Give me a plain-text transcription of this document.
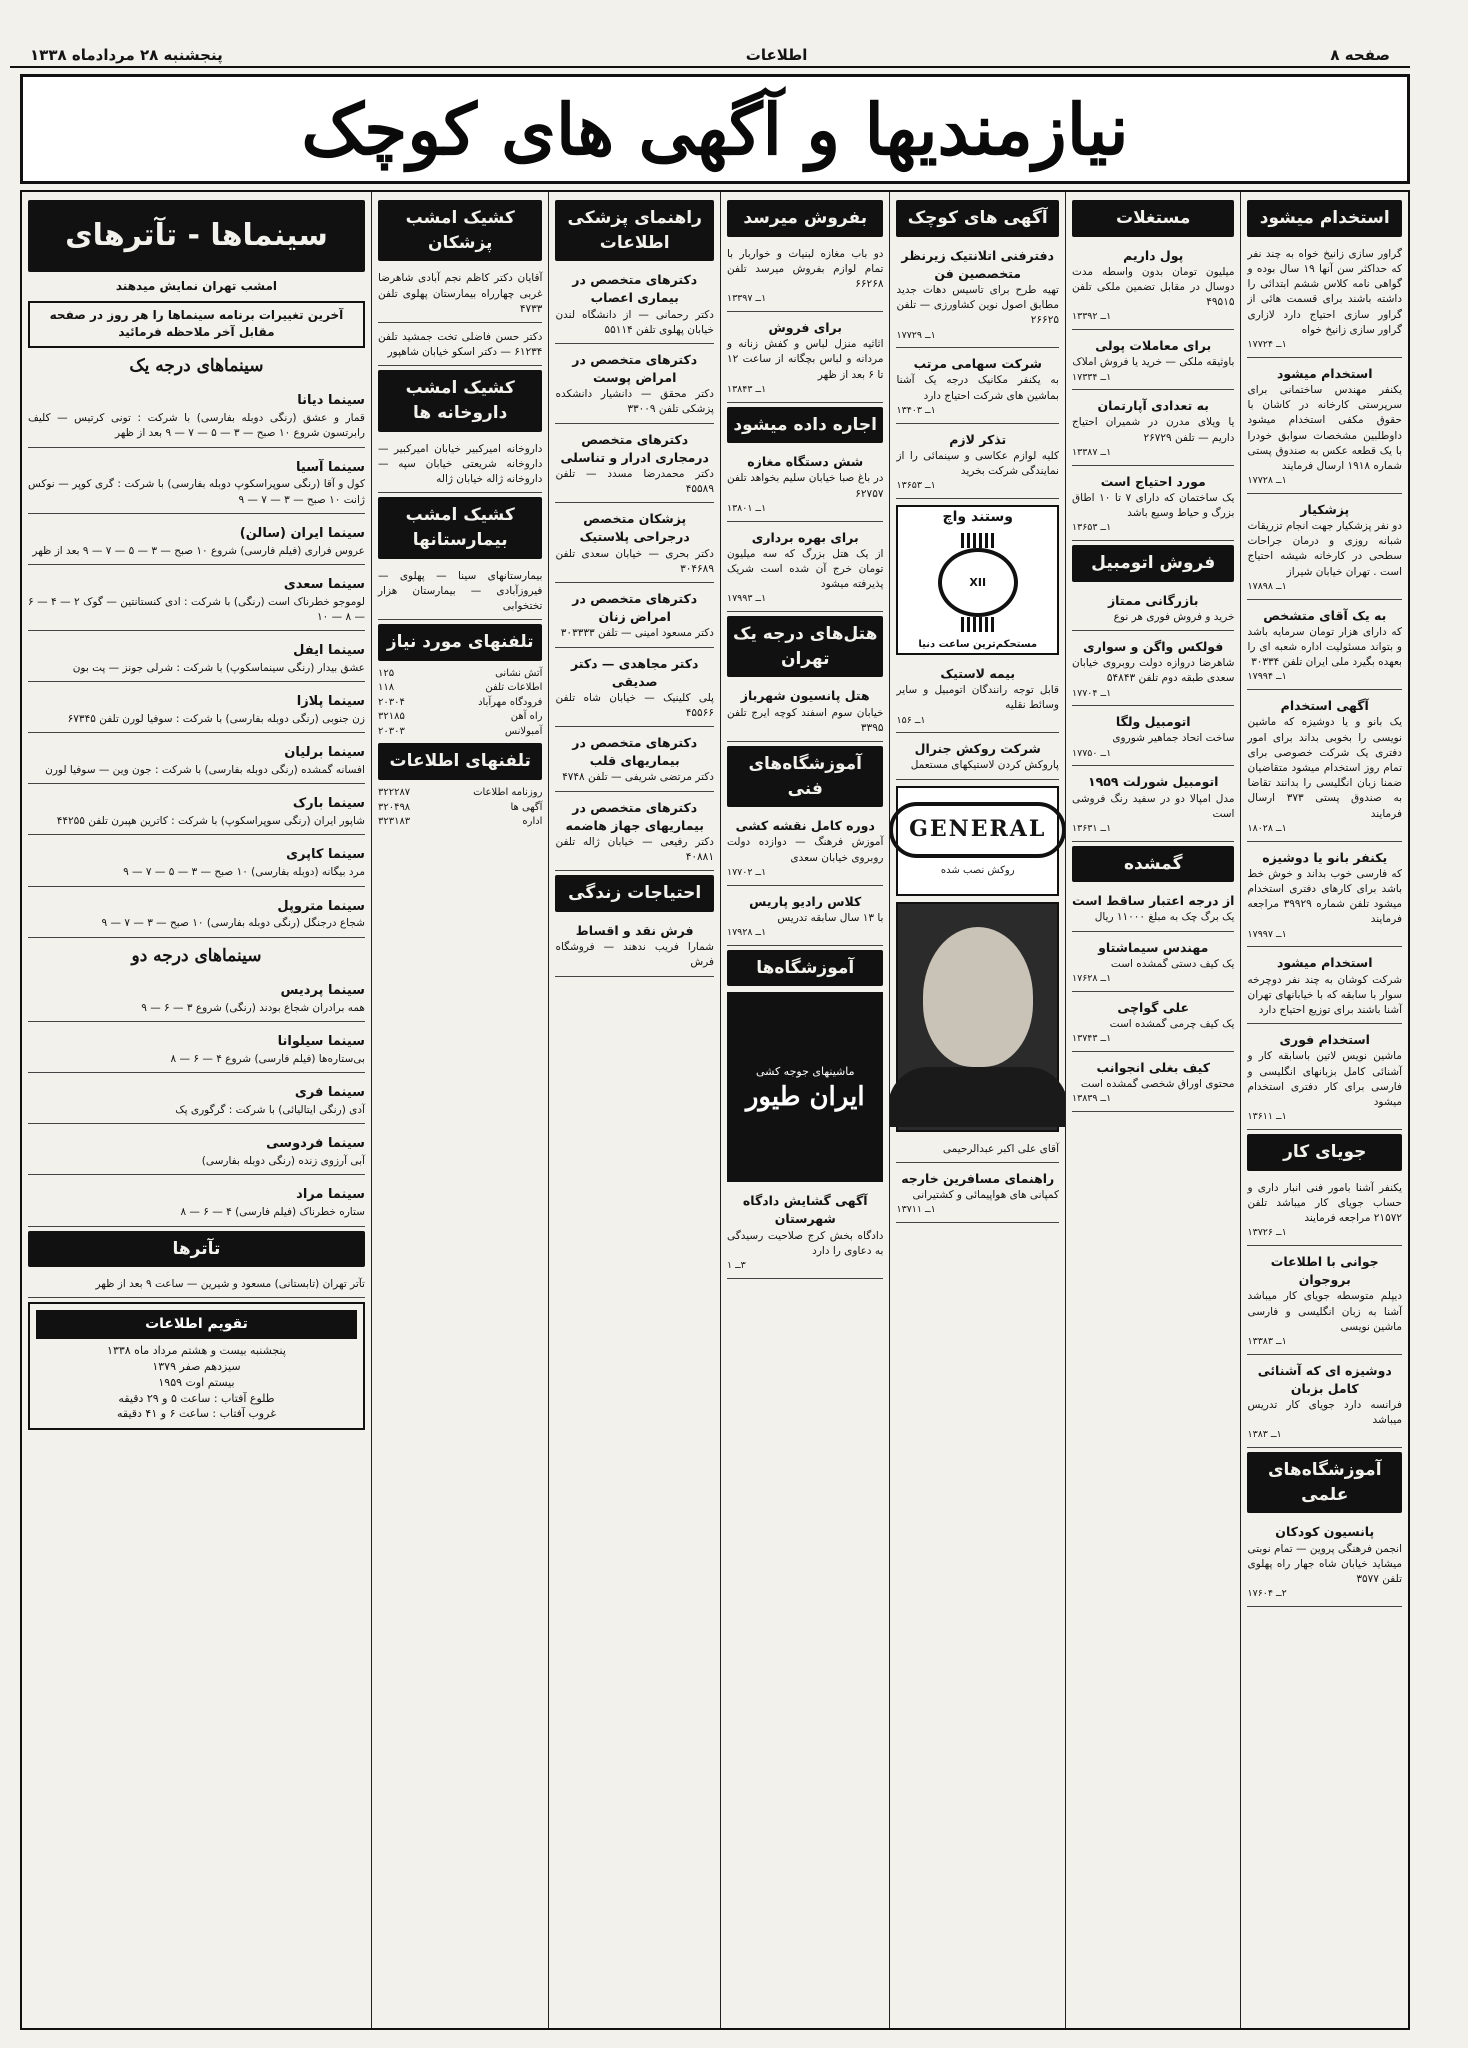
صفحه ۸
اطلاعات
پنجشنبه ۲۸ مردادماه ۱۳۳۸
نیازمندیها و آگهی های کوچک
استخدام میشود
گراور سازی زانیخ خواه به چند نفر که حداکثر سن آنها ۱۹ سال بوده و گواهی نامه کلاس ششم ابتدائی را داشته باشند برای قسمت هائی از گراور سازی احتیاج دارد لازاری گراور سازی زانیخ خواه
۱ــ ۱۷۷۲۴
استخدام میشود
یکنفر مهندس ساختمانی برای سرپرستی کارخانه در کاشان با حقوق مکفی استخدام میشود داوطلبین مشخصات سوابق خودرا با یک قطعه عکس به صندوق پستی شماره ۱۹۱۸ ارسال فرمایند
۱ــ ۱۷۷۲۸
پزشکیار
دو نفر پزشکیار جهت انجام تزریقات شبانه روزی و درمان جراحات سطحی در کارخانه شیشه احتیاج است . تهران خیابان شیراز
۱ــ ۱۷۸۹۸
به یک آقای متشخص
که دارای هزار تومان سرمایه باشد و بتواند مسئولیت اداره شعبه ای را بعهده بگیرد ملی ایران تلفن ۳۰۳۳۴
۱ــ ۱۷۹۹۴
آگهی استخدام
یک بانو و یا دوشیزه که ماشین نویسی را بخوبی بداند برای امور دفتری یک شرکت خصوصی برای تمام روز استخدام میشود متقاضیان ضمنا زبان انگلیسی را بدانند تقاضا به صندوق پستی ۳۷۳ ارسال فرمایند
۱ــ ۱۸۰۲۸
یکنفر بانو یا دوشیزه
که فارسی خوب بداند و خوش خط باشد برای کارهای دفتری استخدام میشود تلفن شماره ۳۹۹۲۹ مراجعه فرمایند
۱ــ ۱۷۹۹۷
استخدام میشود
شرکت کوشان به چند نفر دوچرخه سوار با سابقه که با خیابانهای تهران آشنا باشند برای توزیع احتیاج دارد
استخدام فوری
ماشین نویس لاتین باسابقه کار و آشنائی کامل بزبانهای انگلیسی و فارسی برای کار دفتری استخدام میشود
۱ــ ۱۳۶۱۱
جویای کار
یکنفر آشنا بامور فنی انبار داری و حساب جویای کار میباشد تلفن ۲۱۵۷۲ مراجعه فرمایند
۱ــ ۱۳۷۲۶
جوانی با اطلاعات بروجوان
دیپلم متوسطه جویای کار میباشد آشنا به زبان انگلیسی و فارسی ماشین نویسی
۱ــ ۱۳۳۸۳
دوشیزه ای که آشنائی کامل بزبان
فرانسه دارد جویای کار تدریس میباشد
۱ــ ۱۳۸۳
آموزشگاه‌های علمی
پانسیون کودکان
انجمن فرهنگی پروین — تمام نوبتی میشاید خیابان شاه جهار راه پهلوی تلفن ۳۵۷۷
۲ــ ۱۷۶۰۴
مستغلات
پول داریم
میلیون تومان بدون واسطه مدت دوسال در مقابل تضمین ملکی تلفن ۴۹۵۱۵
۱ــ ۱۳۳۹۲
برای معاملات پولی
باوثیقه ملکی — خرید یا فروش املاک
۱ــ ۱۷۳۳۴
به تعدادی آپارتمان
یا ویلای مدرن در شمیران احتیاج داریم — تلفن ۲۶۷۲۹
۱ــ ۱۳۳۸۷
مورد احتیاج است
یک ساختمان که دارای ۷ تا ۱۰ اطاق بزرگ و حیاط وسیع باشد
۱ــ ۱۳۶۵۳
فروش اتومبیل
بازرگانی ممتاز
خرید و فروش فوری هر نوع
فولکس واگن و سواری
شاهرضا دروازه دولت روبروی خیابان سعدی طبقه دوم تلفن ۵۴۸۴۳
۱ــ ۱۷۷۰۴
اتومبیل ولگا
ساخت اتحاد جماهیر شوروی
۱ــ ۱۷۷۵۰
اتومبیل شورلت ۱۹۵۹
مدل امپالا دو در سفید رنگ فروشی است
۱ــ ۱۳۶۳۱
گمشده
از درجه اعتبار ساقط است
یک برگ چک به مبلغ ۱۱۰۰۰ ریال
مهندس سیماشتاو
یک کیف دستی گمشده است
۱ــ ۱۷۶۲۸
علی گواچی
یک کیف چرمی گمشده است
۱ــ ۱۳۷۴۳
کیف بغلی انجوانب
محتوی اوراق شخصی گمشده است
۱ــ ۱۳۸۳۹
آگهی های کوچک
دفترفنی اتلانتیک زیرنظر متخصصین فن
تهیه طرح برای تاسیس دهات جدید مطابق اصول نوین کشاورزی — تلفن ۲۶۶۲۵
۱ــ ۱۷۷۲۹
شرکت سهامی مرتب
به یکنفر مکانیک درجه یک آشنا بماشین های شرکت احتیاج دارد
۱ــ ۱۳۴۰۳
تذکر لازم
کلیه لوازم عکاسی و سینمائی را از نمایندگی شرکت بخرید
۱ــ ۱۳۶۵۳
وستند واچ
XII
مستحکم‌ترین ساعت دنیا
بیمه لاستیک
قابل توجه رانندگان اتومبیل و سایر وسائط نقلیه
۱ــ ۱۵۶
شرکت روکش جنرال
پاروکش کردن لاستیکهای مستعمل
GENERAL
روکش نصب شده
آقای علی اکبر عبدالرحیمی
راهنمای مسافرین خارجه
کمپانی های هواپیمائی و کشتیرانی
۱ــ ۱۳۷۱۱
بفروش میرسد
دو باب مغازه لبنیات و خواربار با تمام لوازم بفروش میرسد تلفن ۶۶۲۶۸
۱ــ ۱۳۳۹۷
برای فروش
اثاثیه منزل لباس و کفش زنانه و مردانه و لباس بچگانه از ساعت ۱۲ تا ۶ بعد از ظهر
۱ــ ۱۳۸۴۳
اجاره داده میشود
شش دستگاه مغازه
در باغ صبا خیابان سلیم بخواهد تلفن ۶۲۷۵۷
۱ــ ۱۳۸۰۱
برای بهره برداری
از یک هتل بزرگ که سه میلیون تومان خرج آن شده است شریک پذیرفته میشود
۱ــ ۱۷۹۹۳
هتل‌های درجه یک تهران
هتل پانسیون شهرباز
خیابان سوم اسفند کوچه ایرج تلفن ۳۳۹۵
آموزشگاه‌های فنی
دوره کامل نقشه کشی
آموزش فرهنگ — دوازده دولت روبروی خیابان سعدی
۱ــ ۱۷۷۰۲
کلاس رادیو پاریس
با ۱۳ سال سابقه تدریس
۱ــ ۱۷۹۲۸
آموزشگاه‌ها
ماشینهای جوجه کشی
ایران طیور
آگهی گشایش دادگاه شهرستان
دادگاه بخش کرج صلاحیت رسیدگی به دعاوی را دارد
۳ــ ۱
راهنمای پزشکی اطلاعات
دکترهای متخصص در بیماری اعصاب
دکتر رحمانی — از دانشگاه لندن خیابان پهلوی تلفن ۵۵۱۱۴
دکترهای متخصص در امراض پوست
دکتر محقق — دانشیار دانشکده پزشکی تلفن ۳۳۰۰۹
دکترهای متخصص درمجاری ادرار و تناسلی
دکتر محمدرضا مسدد — تلفن ۴۵۵۸۹
پزشکان متخصص درجراحی پلاستیک
دکتر بحری — خیابان سعدی تلفن ۳۰۴۶۸۹
دکترهای متخصص در امراض زنان
دکتر مسعود امینی — تلفن ۳۰۳۳۳۳
دکتر مجاهدی — دکتر صدیقی
پلی کلینیک — خیابان شاه تلفن ۴۵۵۶۶
دکترهای متخصص در بیماریهای قلب
دکتر مرتضی شریفی — تلفن ۴۷۴۸
دکترهای متخصص در بیماریهای جهاز هاضمه
دکتر رفیعی — خیابان ژاله تلفن ۴۰۸۸۱
احتیاجات زندگی
فرش نقد و اقساط
شمارا فریب ندهند — فروشگاه فرش
کشیک امشب پزشکان
آقایان دکتر کاظم نجم آبادی شاهرضا غربی چهارراه بیمارستان پهلوی تلفن ۴۷۳۳
دکتر حسن فاضلی تخت جمشید تلفن ۶۱۲۳۴ — دکتر اسکو خیابان شاهپور
کشیک امشب داروخانه ها
داروخانه امیرکبیر خیابان امیرکبیر — داروخانه شریعتی خیابان سپه — داروخانه ژاله خیابان ژاله
کشیک امشب بیمارستانها
بیمارستانهای سینا — پهلوی — فیروزآبادی — بیمارستان هزار تختخوابی
تلفنهای مورد نیاز
آتش نشانی
۱۲۵
اطلاعات تلفن
۱۱۸
فرودگاه مهرآباد
۲۰۳۰۴
راه آهن
۳۲۱۸۵
آمبولانس
۲۰۳۰۳
تلفنهای اطلاعات
روزنامه اطلاعات
۳۲۲۲۸۷
آگهی ها
۳۲۰۴۹۸
اداره
۳۲۳۱۸۳
سینماها - تآترهای
امشب تهران نمایش میدهند
آخرین تغییرات برنامه سینماها را هر روز در صفحه مقابل آخر ملاحظه فرمائید
سینماهای درجه یک
سینما دیانا
قمار و عشق (رنگی دوبله بفارسی) با شرکت : تونی کرتیس — کلیف رابرتسون شروع ۱۰ صبح — ۳ — ۵ — ۷ — ۹ بعد از ظهر
سینما آسیا
کول و آقا (رنگی سوپراسکوپ دوبله بفارسی) با شرکت : گری کوپر — نوکس ژانت ۱۰ صبح — ۳ — ۷ — ۹
سینما ایران (سالن)
عروس فراری (فیلم فارسی) شروع ۱۰ صبح — ۳ — ۵ — ۷ — ۹ بعد از ظهر
سینما سعدی
لوموجو خطرناک است (رنگی) با شرکت : ادی کنستانتین — گوک ۲ — ۴ — ۶ — ۸ — ۱۰
سینما ایفل
عشق بیدار (رنگی سینماسکوپ) با شرکت : شرلی جونز — پت بون
سینما پلازا
زن جنوبی (رنگی دوبله بفارسی) با شرکت : سوفیا لورن تلفن ۶۷۳۴۵
سینما برلیان
افسانه گمشده (رنگی دوبله بفارسی) با شرکت : جون وین — سوفیا لورن
سینما بارک
شاپور ایران (رنگی سوپراسکوپ) با شرکت : کاترین هپبرن تلفن ۴۴۲۵۵
سینما کاپری
مرد بیگانه (دوبله بفارسی) ۱۰ صبح — ۳ — ۵ — ۷ — ۹
سینما متروپل
شجاع درجنگل (رنگی دوبله بفارسی) ۱۰ صبح — ۳ — ۷ — ۹
سینماهای درجه دو
سینما پردیس
همه برادران شجاع بودند (رنگی) شروع ۳ — ۶ — ۹
سینما سیلوانا
بی‌ستاره‌ها (فیلم فارسی) شروع ۴ — ۶ — ۸
سینما فری
آدی (رنگی ایتالیائی) با شرکت : گرگوری پک
سینما فردوسی
آبی آرزوی زنده (رنگی دوبله بفارسی)
سینما مراد
ستاره خطرناک (فیلم فارسی) ۴ — ۶ — ۸
تآترها
تآتر تهران (تابستانی) مسعود و شیرین — ساعت ۹ بعد از ظهر
تقویم اطلاعات
پنجشنبه بیست و هشتم مرداد ماه ۱۳۳۸
سیزدهم صفر ۱۳۷۹
بیستم اوت ۱۹۵۹
طلوع آفتاب : ساعت ۵ و ۲۹ دقیقه
غروب آفتاب : ساعت ۶ و ۴۱ دقیقه
